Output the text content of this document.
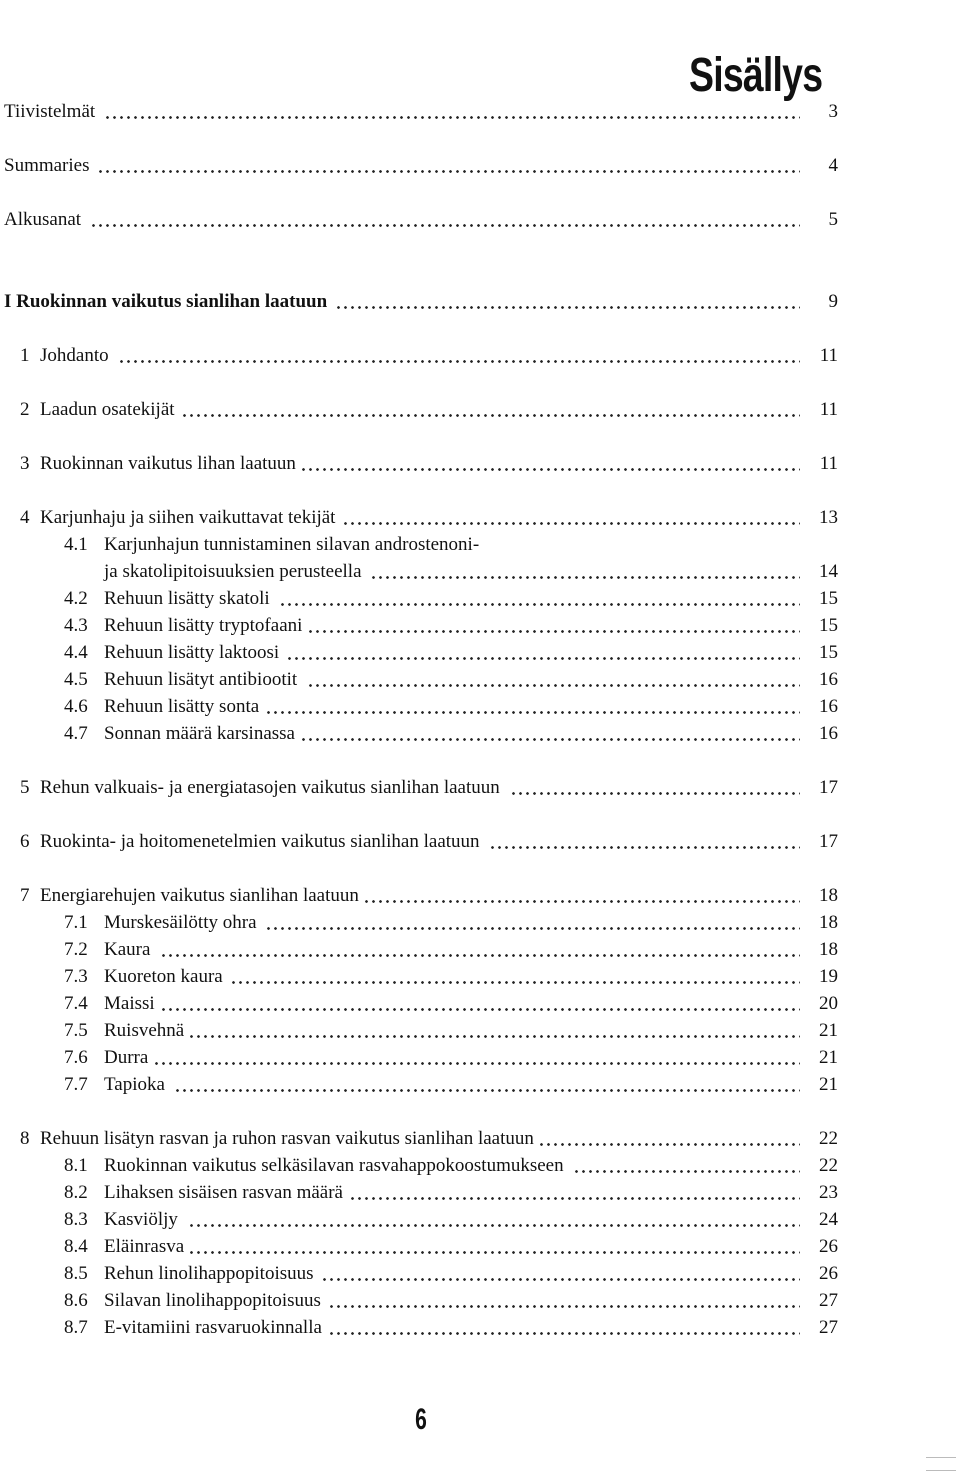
Sisällys
Tiivistelmät	3
Summaries	4
Alkusanat	5
I Ruokinnan vaikutus sianlihan laatuun	9
1 Johdanto	11
2 Laadun osatekijät	11
3 Ruokinnan vaikutus lihan laatuun	11
4 Karjunhaju ja siihen vaikuttavat tekijät	13
4.1 Karjunhajun tunnistaminen silavan androstenoni-
ja skatolipitoisuuksien perusteella	14
4.2 Rehuun lisätty skatoli	15
4.3 Rehuun lisätty tryptofaani	15
4.4 Rehuun lisätty laktoosi	15
4.5 Rehuun lisätyt antibiootit	16
4.6 Rehuun lisätty sonta	16
4.7 Sonnan määrä karsinassa	16
5 Rehun valkuais- ja energiatasojen vaikutus sianlihan laatuun	17
6 Ruokinta- ja hoitomenetelmien vaikutus sianlihan laatuun	17
7 Energiarehujen vaikutus sianlihan laatuun	18
7.1 Murskesäilötty ohra	18
7.2 Kaura	18
7.3 Kuoreton kaura	19
7.4 Maissi	20
7.5 Ruisvehnä	21
7.6 Durra	21
7.7 Tapioka	21
8 Rehuun lisätyn rasvan ja ruhon rasvan vaikutus sianlihan laatuun	22
8.1 Ruokinnan vaikutus selkäsilavan rasvahappokoostumukseen	22
8.2 Lihaksen sisäisen rasvan määrä	23
8.3 Kasviöljy	24
8.4 Eläinrasva	26
8.5 Rehun linolihappopitoisuus	26
8.6 Silavan linolihappopitoisuus	27
8.7 E-vitamiini rasvaruokinnalla	27
6
